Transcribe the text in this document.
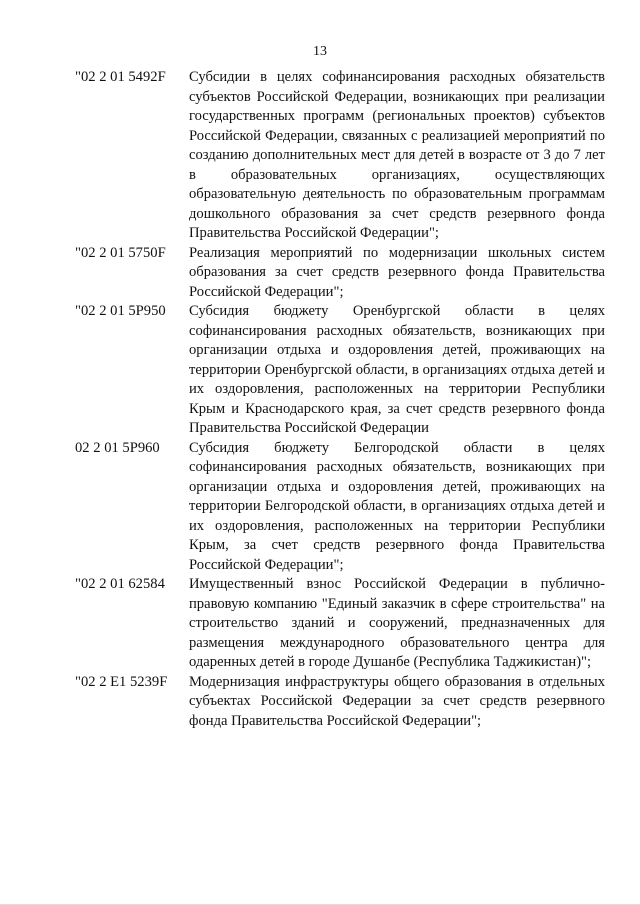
13
"02 2 01 5492F Субсидии в целях софинансирования расходных обязательств субъектов Российской Федерации, возникающих при реализации государственных программ (региональных проектов) субъектов Российской Федерации, связанных с реализацией мероприятий по созданию дополнительных мест для детей в возрасте от 3 до 7 лет в образовательных организациях, осуществляющих образовательную деятельность по образовательным программам дошкольного образования за счет средств резервного фонда Правительства Российской Федерации";
"02 2 01 5750F Реализация мероприятий по модернизации школьных систем образования за счет средств резервного фонда Правительства Российской Федерации";
"02 2 01 5P950 Субсидия бюджету Оренбургской области в целях софинансирования расходных обязательств, возникающих при организации отдыха и оздоровления детей, проживающих на территории Оренбургской области, в организациях отдыха детей и их оздоровления, расположенных на территории Республики Крым и Краснодарского края, за счет средств резервного фонда Правительства Российской Федерации
02 2 01 5P960 Субсидия бюджету Белгородской области в целях софинансирования расходных обязательств, возникающих при организации отдыха и оздоровления детей, проживающих на территории Белгородской области, в организациях отдыха детей и их оздоровления, расположенных на территории Республики Крым, за счет средств резервного фонда Правительства Российской Федерации";
"02 2 01 62584 Имущественный взнос Российской Федерации в публично-правовую компанию "Единый заказчик в сфере строительства" на строительство зданий и сооружений, предназначенных для размещения международного образовательного центра для одаренных детей в городе Душанбе (Республика Таджикистан)";
"02 2 E1 5239F Модернизация инфраструктуры общего образования в отдельных субъектах Российской Федерации за счет средств резервного фонда Правительства Российской Федерации";
